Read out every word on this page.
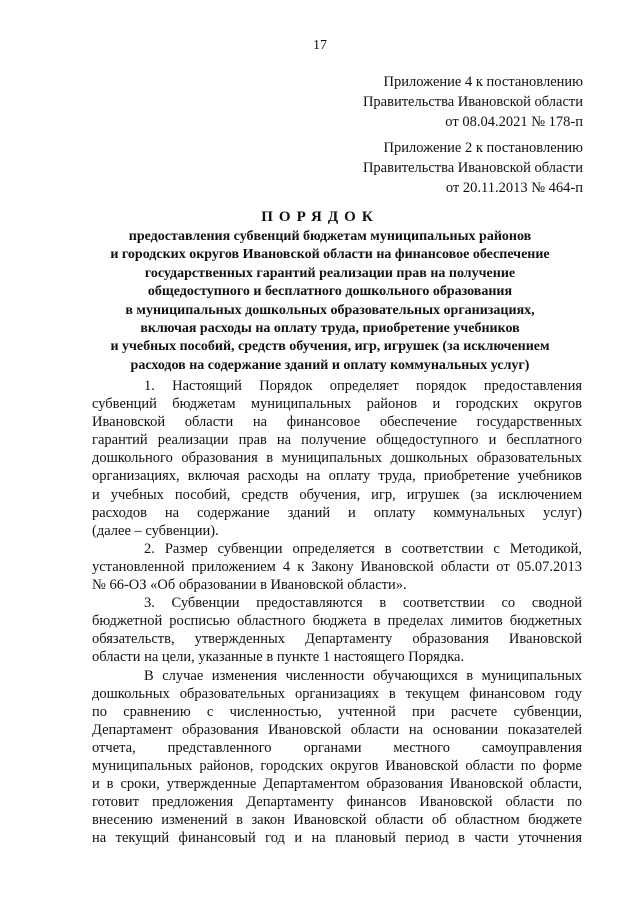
17
Приложение 4 к постановлению
Правительства Ивановской области
от 08.04.2021 № 178-п
Приложение 2 к постановлению
Правительства Ивановской области
от 20.11.2013 № 464-п
ПОРЯДОК
предоставления субвенций бюджетам муниципальных районов
и городских округов Ивановской области на финансовое обеспечение
государственных гарантий реализации прав на получение
общедоступного и бесплатного дошкольного образования
в муниципальных дошкольных образовательных организациях,
включая расходы на оплату труда, приобретение учебников
и учебных пособий, средств обучения, игр, игрушек (за исключением
расходов на содержание зданий и оплату коммунальных услуг)
1. Настоящий Порядок определяет порядок предоставления
субвенций бюджетам муниципальных районов и городских округов
Ивановской области на финансовое обеспечение государственных
гарантий реализации прав на получение общедоступного и бесплатного
дошкольного образования в муниципальных дошкольных образовательных
организациях, включая расходы на оплату труда, приобретение учебников
и учебных пособий, средств обучения, игр, игрушек (за исключением
расходов на содержание зданий и оплату коммунальных услуг)
(далее – субвенции).
2. Размер субвенции определяется в соответствии с Методикой,
установленной приложением 4 к Закону Ивановской области от 05.07.2013
№ 66-ОЗ «Об образовании в Ивановской области».
3. Субвенции предоставляются в соответствии со сводной
бюджетной росписью областного бюджета в пределах лимитов бюджетных
обязательств, утвержденных Департаменту образования Ивановской
области на цели, указанные в пункте 1 настоящего Порядка.
В случае изменения численности обучающихся в муниципальных
дошкольных образовательных организациях в текущем финансовом году
по сравнению с численностью, учтенной при расчете субвенции,
Департамент образования Ивановской области на основании показателей
отчета, представленного органами местного самоуправления
муниципальных районов, городских округов Ивановской области по форме
и в сроки, утвержденные Департаментом образования Ивановской области,
готовит предложения Департаменту финансов Ивановской области по
внесению изменений в закон Ивановской области об областном бюджете
на текущий финансовый год и на плановый период в части уточнения
